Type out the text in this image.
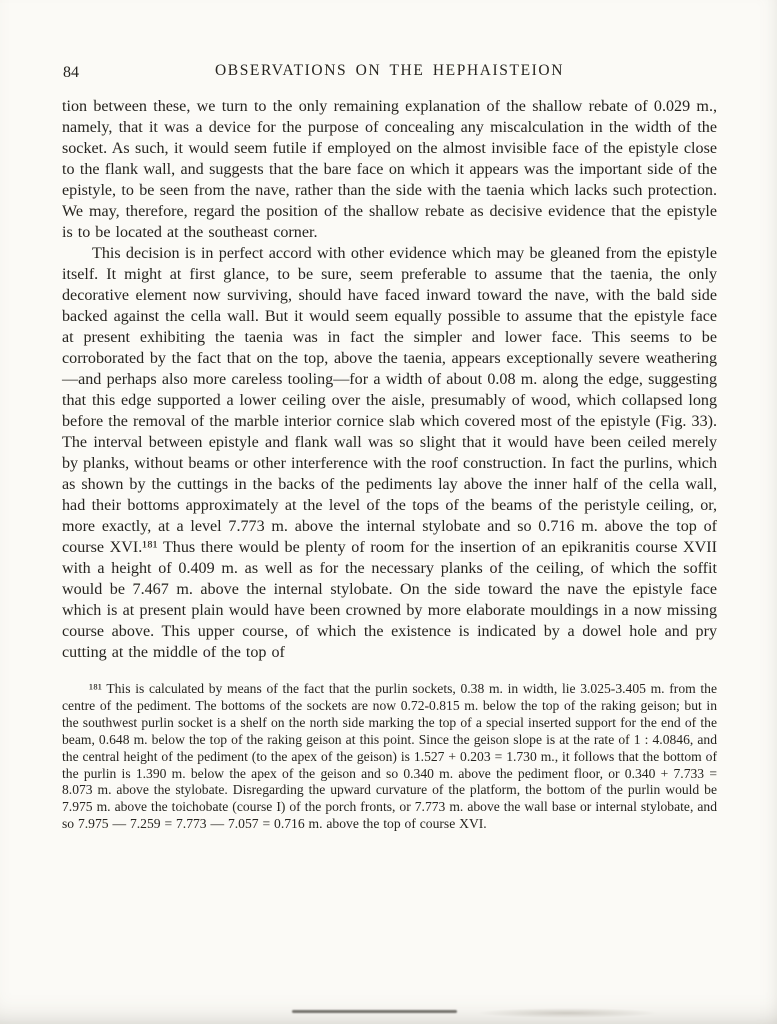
84	OBSERVATIONS ON THE HEPHAISTEION

tion between these, we turn to the only remaining explanation of the shallow rebate of 0.029 m., namely, that it was a device for the purpose of concealing any miscalculation in the width of the socket. As such, it would seem futile if employed on the almost invisible face of the epistyle close to the flank wall, and suggests that the bare face on which it appears was the important side of the epistyle, to be seen from the nave, rather than the side with the taenia which lacks such protection. We may, therefore, regard the position of the shallow rebate as decisive evidence that the epistyle is to be located at the southeast corner.

This decision is in perfect accord with other evidence which may be gleaned from the epistyle itself. It might at first glance, to be sure, seem preferable to assume that the taenia, the only decorative element now surviving, should have faced inward toward the nave, with the bald side backed against the cella wall. But it would seem equally possible to assume that the epistyle face at present exhibiting the taenia was in fact the simpler and lower face. This seems to be corroborated by the fact that on the top, above the taenia, appears exceptionally severe weathering—and perhaps also more careless tooling—for a width of about 0.08 m. along the edge, suggesting that this edge supported a lower ceiling over the aisle, presumably of wood, which collapsed long before the removal of the marble interior cornice slab which covered most of the epistyle (Fig. 33). The interval between epistyle and flank wall was so slight that it would have been ceiled merely by planks, without beams or other interference with the roof construction. In fact the purlins, which as shown by the cuttings in the backs of the pediments lay above the inner half of the cella wall, had their bottoms approximately at the level of the tops of the beams of the peristyle ceiling, or, more exactly, at a level 7.773 m. above the internal stylobate and so 0.716 m. above the top of course XVI.¹⁸¹ Thus there would be plenty of room for the insertion of an epikranitis course XVII with a height of 0.409 m. as well as for the necessary planks of the ceiling, of which the soffit would be 7.467 m. above the internal stylobate. On the side toward the nave the epistyle face which is at present plain would have been crowned by more elaborate mouldings in a now missing course above. This upper course, of which the existence is indicated by a dowel hole and pry cutting at the middle of the top of

¹⁸¹ This is calculated by means of the fact that the purlin sockets, 0.38 m. in width, lie 3.025-3.405 m. from the centre of the pediment. The bottoms of the sockets are now 0.72-0.815 m. below the top of the raking geison; but in the southwest purlin socket is a shelf on the north side marking the top of a special inserted support for the end of the beam, 0.648 m. below the top of the raking geison at this point. Since the geison slope is at the rate of 1 : 4.0846, and the central height of the pediment (to the apex of the geison) is 1.527 + 0.203 = 1.730 m., it follows that the bottom of the purlin is 1.390 m. below the apex of the geison and so 0.340 m. above the pediment floor, or 0.340 + 7.733 = 8.073 m. above the stylobate. Disregarding the upward curvature of the platform, the bottom of the purlin would be 7.975 m. above the toichobate (course I) of the porch fronts, or 7.773 m. above the wall base or internal stylobate, and so 7.975 — 7.259 = 7.773 — 7.057 = 0.716 m. above the top of course XVI.
